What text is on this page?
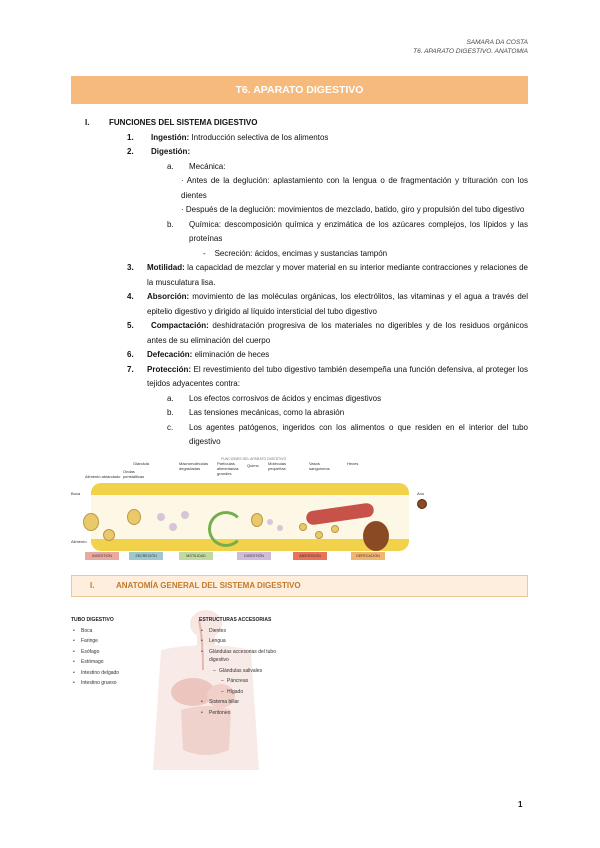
SAMARA DA COSTA
T6. APARATO DIGESTIVO. ANATOMIA
T6. APARATO DIGESTIVO
I.	FUNCIONES DEL SISTEMA DIGESTIVO
1.	Ingestión: Introducción selectiva de los alimentos
2.	Digestión:
a.	Mecánica:
· Antes de la deglución: aplastamiento con la lengua o de fragmentación y trituración con los dientes
· Después de la deglución: movimientos de mezclado, batido, giro y propulsión del tubo digestivo
b.	Química: descomposición química y enzimática de los azúcares complejos, los lípidos y las proteínas
-    Secreción: ácidos, encimas y sustancias tampón
3.	Motilidad: la capacidad de mezclar y mover material en su interior mediante contracciones y relaciones de la musculatura lisa.
4.	Absorción: movimiento de las moléculas orgánicas, los electrólitos, las vitaminas y el agua a través del epitelio digestivo y dirigido al líquido intersticial del tubo digestivo
5.	Compactación: deshidratación progresiva de los materiales no digeribles y de los residuos orgánicos antes de su eliminación del cuerpo
6.	Defecación: eliminación de heces
7.	Protección: El revestimiento del tubo digestivo también desempeña una función defensiva, al proteger los tejidos adyacentes contra:
a.	Los efectos corrosivos de ácidos y encimas digestivos
b.	Las tensiones mecánicas, como la abrasión
c.	Los agentes patógenos, ingeridos con los alimentos o que residen en el interior del tubo digestivo
FUNCIONES DEL APARATO DIGESTIVO
Boca
Alimento
Alimento ablandado
Glándula
Ondas peristálticas
Macromoléculas degradadas
Partículas alimentarias grandes
Quimo Moléculas pequeñas
Vasos sanguíneos
Heces
Ano
INGESTIÓN	SECRECIÓN	MOTILIDAD	DIGESTIÓN	ABSORCIÓN	DEFECACIÓN
I.	ANATOMÍA GENERAL DEL SISTEMA DIGESTIVO
TUBO DIGESTIVO
• Boca
• Faringe
• Esófago
• Estómago
• Intestino delgado
• Intestino grueso
ESTRUCTURAS ACCESORIAS
• Dientes
• Lengua
• Glándulas accesorias del tubo digestivo
– Glándulas salivales
– Páncreas
– Hígado
• Sistema biliar
• Peritoneo
1
